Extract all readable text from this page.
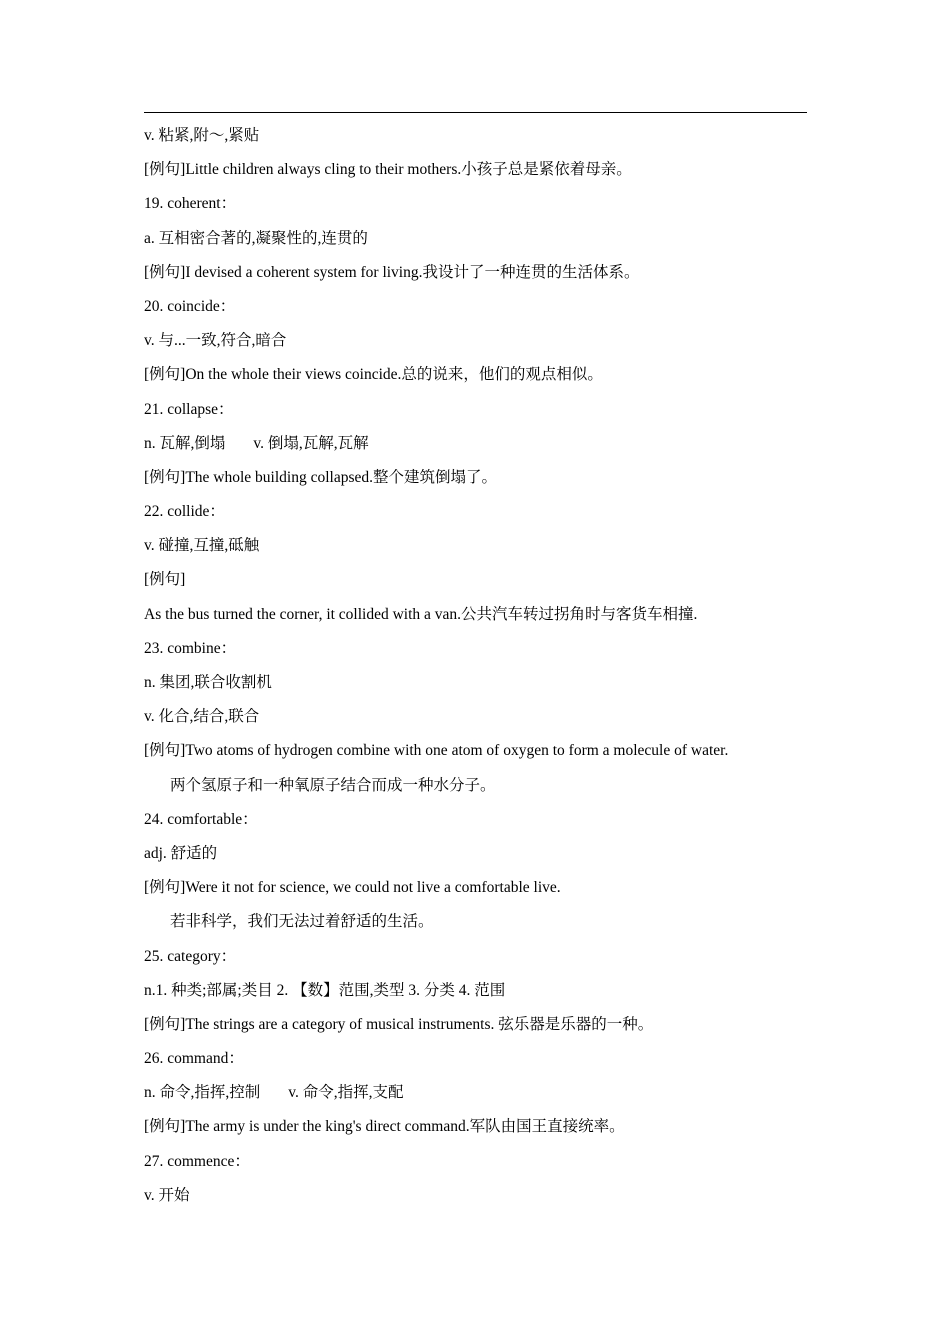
v. 粘紧,附～,紧贴
[例句]Little children always cling to their mothers.小孩子总是紧依着母亲。
19. coherent：
a. 互相密合著的,凝聚性的,连贯的
[例句]I devised a coherent system for living.我设计了一种连贯的生活体系。
20. coincide：
v. 与...一致,符合,暗合
[例句]On the whole their views coincide.总的说来，他们的观点相似。
21. collapse：
n. 瓦解,倒塌 v. 倒塌,瓦解,瓦解
[例句]The whole building collapsed.整个建筑倒塌了。
22. collide：
v. 碰撞,互撞,砥触
[例句]
As the bus turned the corner, it collided with a van.公共汽车转过拐角时与客货车相撞.
23. combine：
n. 集团,联合收割机
v. 化合,结合,联合
[例句]Two atoms of hydrogen combine with one atom of oxygen to form a molecule of water.
两个氢原子和一种氧原子结合而成一种水分子。
24. comfortable：
adj. 舒适的
[例句]Were it not for science, we could not live a comfortable live.
若非科学，我们无法过着舒适的生活。
25. category：
n.1. 种类;部属;类目 2. 【数】范围,类型 3. 分类 4. 范围
[例句]The strings are a category of musical instruments. 弦乐器是乐器的一种。
26. command：
n. 命令,指挥,控制 v. 命令,指挥,支配
[例句]The army is under the king's direct command.军队由国王直接统率。
27. commence：
v. 开始
